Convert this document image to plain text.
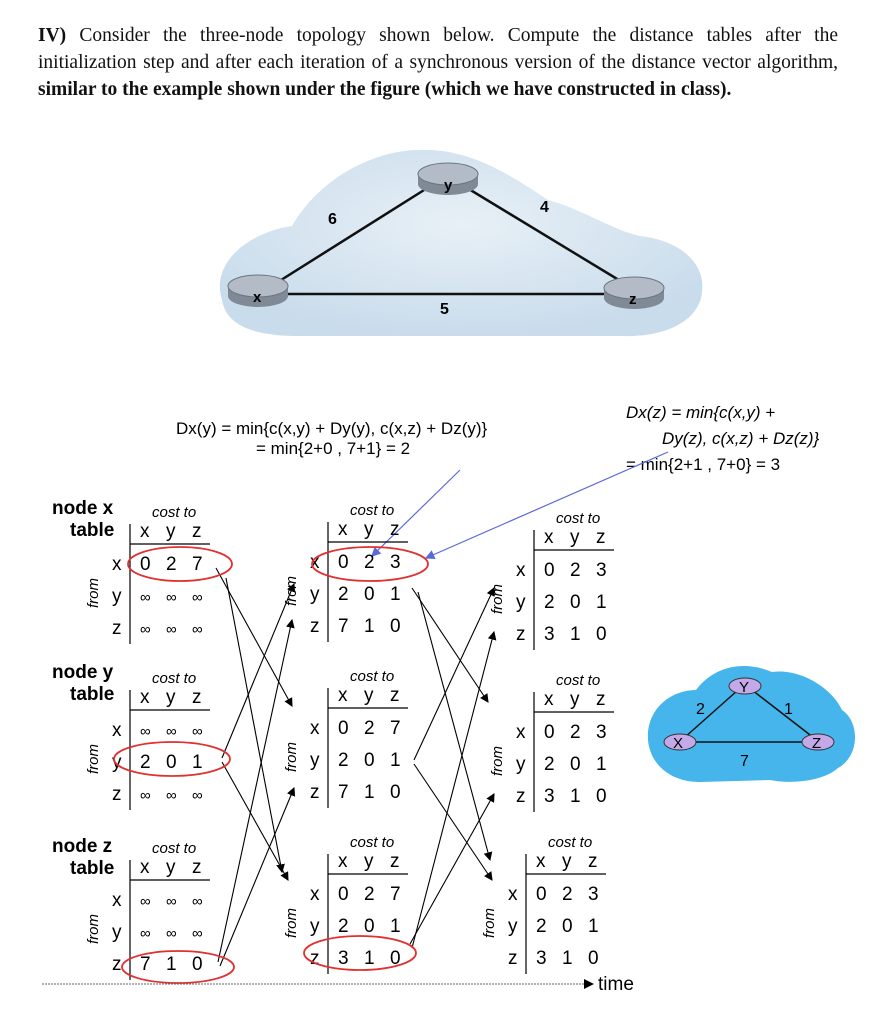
IV) Consider the three-node topology shown below. Compute the distance tables after the initialization step and after each iteration of a synchronous version of the distance vector algorithm, similar to the example shown under the figure (which we have constructed in class).
6
4
5
x
y
z
Dx(y) = min{c(x,y) + Dy(y), c(x,z) + Dz(y)}
= min{2+0 , 7+1} = 2
Dx(z) = min{c(x,y) +
Dy(z), c(x,z) + Dz(z)}
= min{2+1 , 7+0} = 3
node x
table
node y
table
node z
table
cost to
x y z
from
x 0 2 7
y ∞ ∞ ∞
z ∞ ∞ ∞
cost to
x y z
from
x 0 2 3
y 2 0 1
z 7 1 0
cost to
x y z
from
x 0 2 3
y 2 0 1
z 3 1 0
cost to
x y z
from
x ∞ ∞ ∞
y 2 0 1
z ∞ ∞ ∞
cost to
x y z
from
x 0 2 7
y 2 0 1
z 7 1 0
cost to
x y z
from
x 0 2 3
y 2 0 1
z 3 1 0
cost to
x y z
from
x ∞ ∞ ∞
y ∞ ∞ ∞
z 7 1 0
cost to
x y z
from
x 0 2 7
y 2 0 1
z 3 1 0
cost to
x y z
from
x 0 2 3
y 2 0 1
z 3 1 0
time
Y
X	Z
2	1
7
